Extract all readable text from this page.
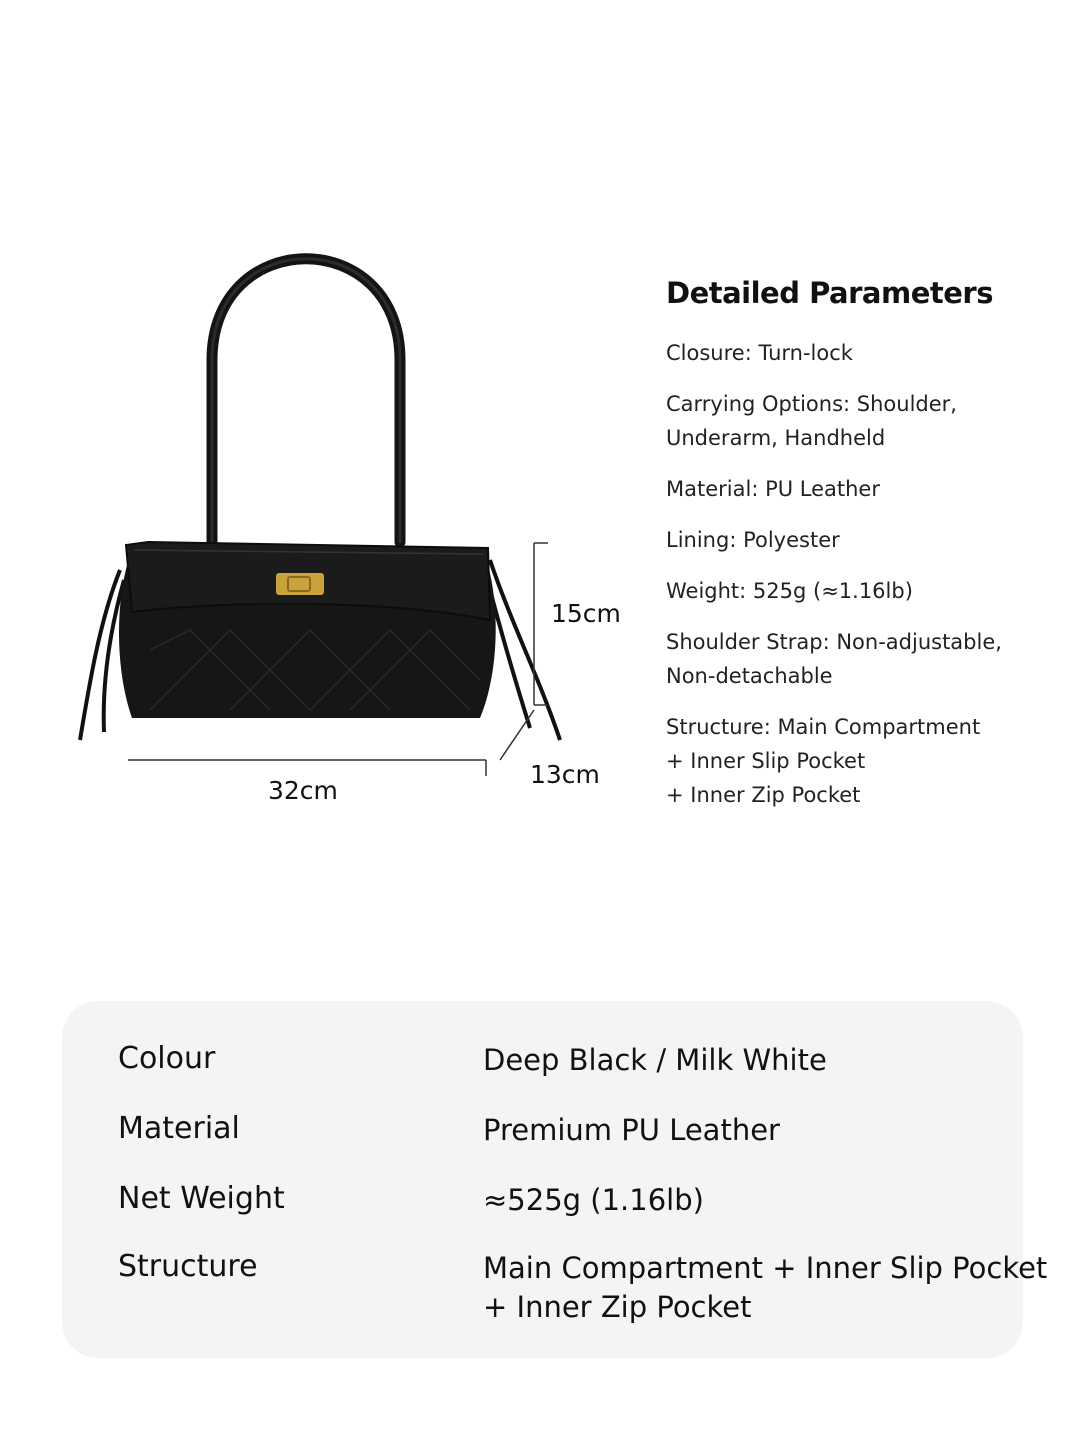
32cm
15cm
13cm
Detailed Parameters
Closure: Turn-lock
Carrying Options: Shoulder,
Underarm, Handheld
Material: PU Leather
Lining: Polyester
Weight: 525g (≈1.16lb)
Shoulder Strap: Non-adjustable,
Non-detachable
Structure: Main Compartment
+ Inner Slip Pocket
+ Inner Zip Pocket
Colour	Deep Black / Milk White
Material	Premium PU Leather
Net Weight	≈525g (1.16lb)
Structure	Main Compartment + Inner Slip Pocket
+ Inner Zip Pocket
